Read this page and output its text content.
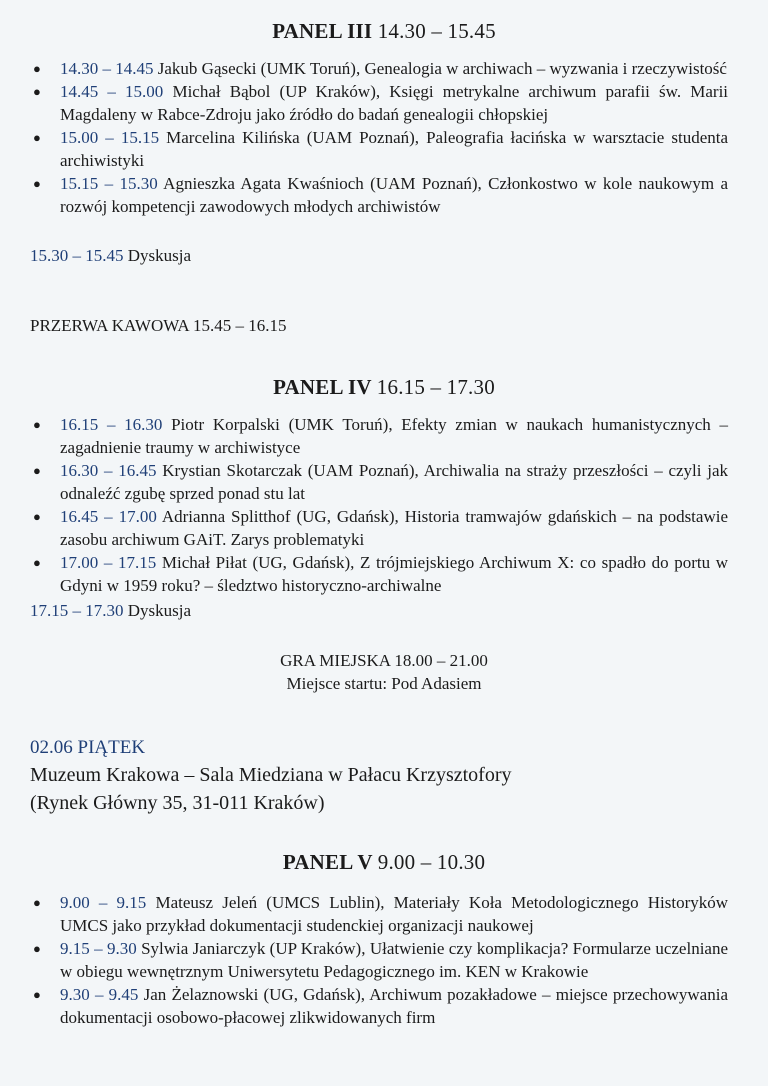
PANEL III 14.30 – 15.45
● 14.30 – 14.45 Jakub Gąsecki (UMK Toruń), Genealogia w archiwach – wyzwania i rzeczywistość
● 14.45 – 15.00 Michał Bąbol (UP Kraków), Księgi metrykalne archiwum parafii św. Marii Magdaleny w Rabce-Zdroju jako źródło do badań genealogii chłopskiej
● 15.00 – 15.15 Marcelina Kilińska (UAM Poznań), Paleografia łacińska w warsztacie studenta archiwistyki
● 15.15 – 15.30 Agnieszka Agata Kwaśnioch (UAM Poznań), Członkostwo w kole naukowym a rozwój kompetencji zawodowych młodych archiwistów
15.30 – 15.45 Dyskusja
PRZERWA KAWOWA 15.45 – 16.15
PANEL IV 16.15 – 17.30
● 16.15 – 16.30 Piotr Korpalski (UMK Toruń), Efekty zmian w naukach humanistycznych – zagadnienie traumy w archiwistyce
● 16.30 – 16.45 Krystian Skotarczak (UAM Poznań), Archiwalia na straży przeszłości – czyli jak odnaleźć zgubę sprzed ponad stu lat
● 16.45 – 17.00 Adrianna Splitthof (UG, Gdańsk), Historia tramwajów gdańskich – na podstawie zasobu archiwum GAiT. Zarys problematyki
● 17.00 – 17.15 Michał Piłat (UG, Gdańsk), Z trójmiejskiego Archiwum X: co spadło do portu w Gdyni w 1959 roku? – śledztwo historyczno-archiwalne
17.15 – 17.30 Dyskusja
GRA MIEJSKA 18.00 – 21.00
Miejsce startu: Pod Adasiem
02.06 PIĄTEK
Muzeum Krakowa – Sala Miedziana w Pałacu Krzysztofory
(Rynek Główny 35, 31-011 Kraków)
PANEL V 9.00 – 10.30
● 9.00 – 9.15 Mateusz Jeleń (UMCS Lublin), Materiały Koła Metodologicznego Historyków UMCS jako przykład dokumentacji studenckiej organizacji naukowej
● 9.15 – 9.30 Sylwia Janiarczyk (UP Kraków), Ułatwienie czy komplikacja? Formularze uczelniane w obiegu wewnętrznym Uniwersytetu Pedagogicznego im. KEN w Krakowie
● 9.30 – 9.45 Jan Żelaznowski (UG, Gdańsk), Archiwum pozakładowe – miejsce przechowywania dokumentacji osobowo-płacowej zlikwidowanych firm
